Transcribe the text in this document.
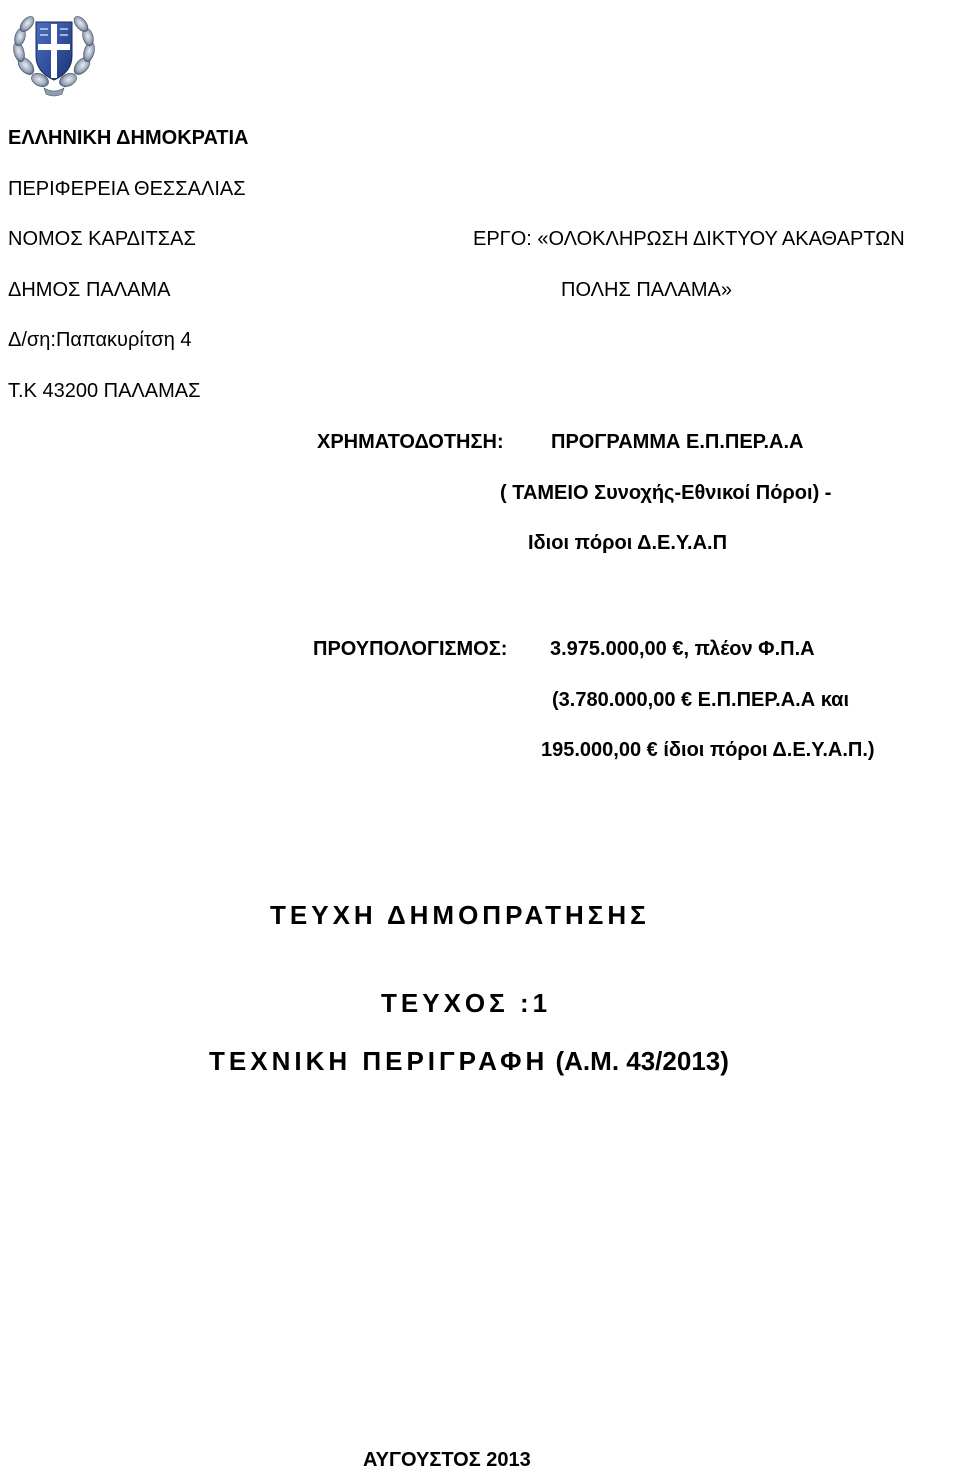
ΕΛΛΗΝΙΚΗ ΔΗΜΟΚΡΑΤΙΑ

ΠΕΡΙΦΕΡΕΙΑ ΘΕΣΣΑΛΙΑΣ

ΝΟΜΟΣ ΚΑΡΔΙΤΣΑΣ

ΔΗΜΟΣ ΠΑΛΑΜΑ

Δ/ση:Παπακυρίτση 4

Τ.Κ 43200 ΠΑΛΑΜΑΣ

ΕΡΓΟ: «ΟΛΟΚΛΗΡΩΣΗ ΔΙΚΤΥΟΥ ΑΚΑΘΑΡΤΩΝ

ΠΟΛΗΣ ΠΑΛΑΜΑ»

ΧΡΗΜΑΤΟΔΟΤΗΣΗ: ΠΡΟΓΡΑΜΜΑ Ε.Π.ΠΕΡ.Α.Α

( ΤΑΜΕΙΟ Συνοχής-Εθνικοί Πόροι) -

Ιδιοι πόροι Δ.Ε.Υ.Α.Π

ΠΡΟΥΠΟΛΟΓΙΣΜΟΣ: 3.975.000,00 €, πλέον Φ.Π.Α

(3.780.000,00 € Ε.Π.ΠΕΡ.Α.Α και

195.000,00 € ίδιοι πόροι Δ.Ε.Υ.Α.Π.)

ΤΕΥΧΗ ΔΗΜΟΠΡΑΤΗΣΗΣ

ΤΕΥΧΟΣ :1

ΤΕΧΝΙΚΗ ΠΕΡΙΓΡΑΦΗ (Α.Μ. 43/2013)

ΑΥΓΟΥΣΤΟΣ 2013
